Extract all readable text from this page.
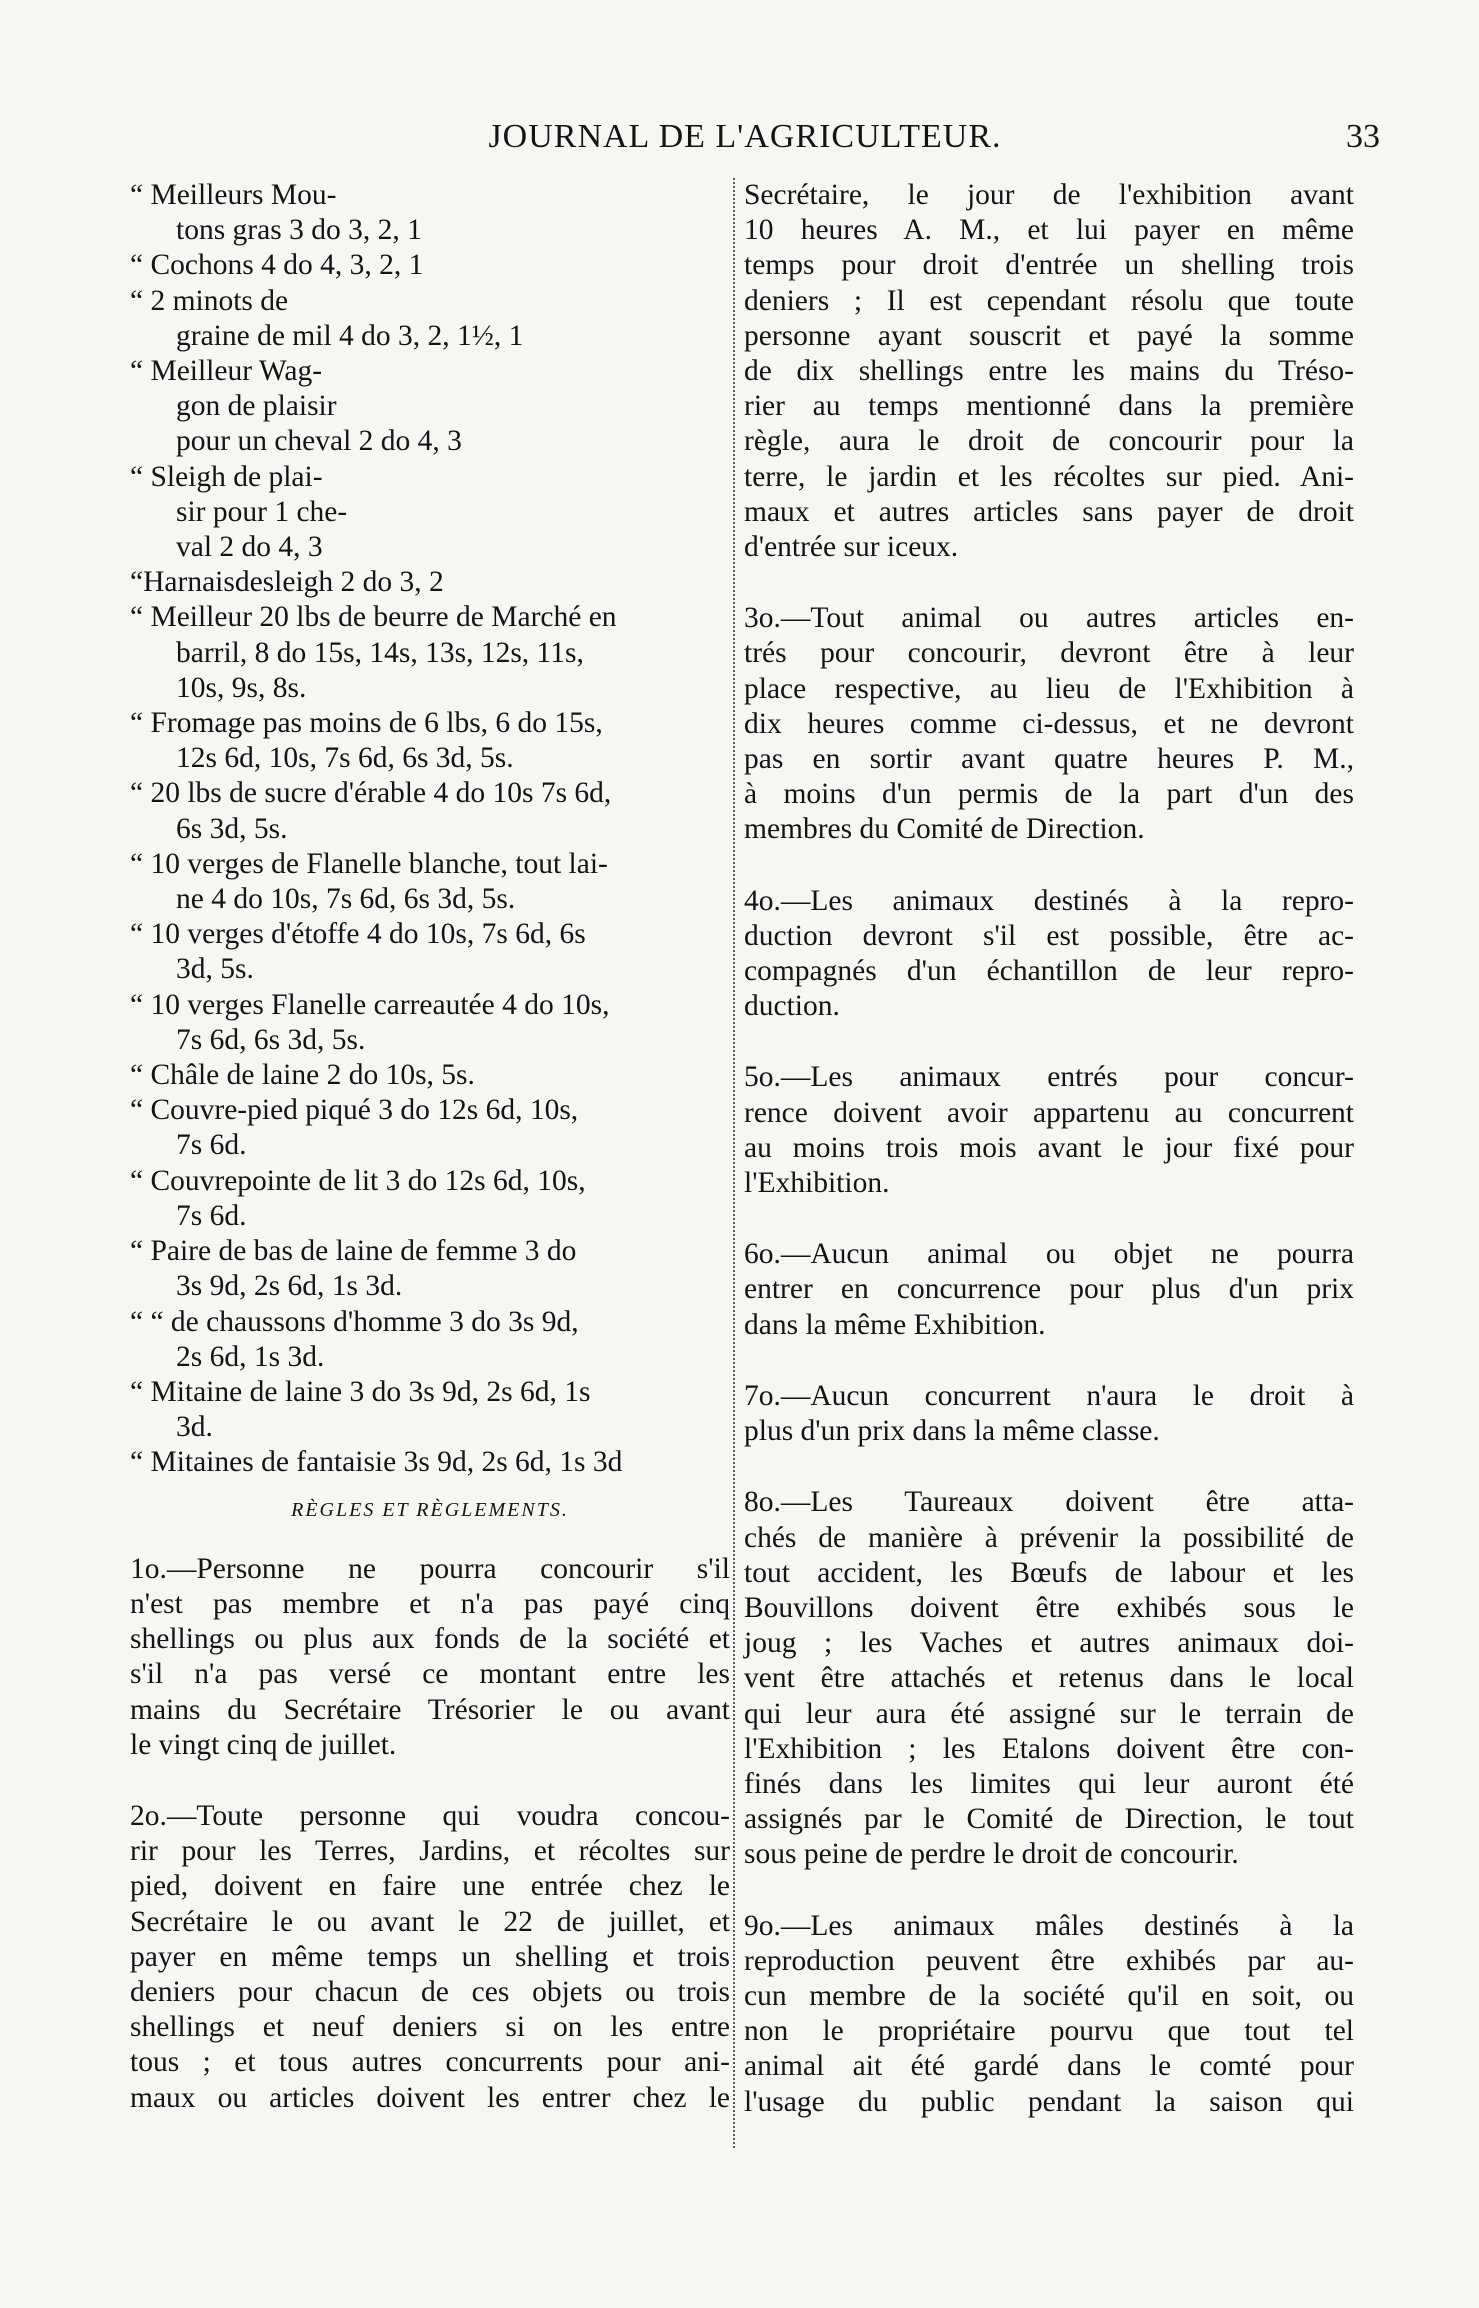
JOURNAL DE L'AGRICULTEUR.	33
“ Meilleurs Mou-
tons gras 3 do 3, 2, 1
“ Cochons 4 do 4, 3, 2, 1
“ 2 minots de
graine de mil 4 do 3, 2, 1½, 1
“ Meilleur Wag-
gon de plaisir
pour un cheval 2 do 4, 3
“ Sleigh de plai-
sir pour 1 che-
val 2 do 4, 3
“Harnaisdesleigh 2 do 3, 2
“ Meilleur 20 lbs de beurre de Marché en
barril, 8 do 15s, 14s, 13s, 12s, 11s,
10s, 9s, 8s.
“ Fromage pas moins de 6 lbs, 6 do 15s,
12s 6d, 10s, 7s 6d, 6s 3d, 5s.
“ 20 lbs de sucre d'érable 4 do 10s 7s 6d,
6s 3d, 5s.
“ 10 verges de Flanelle blanche, tout lai-
ne 4 do 10s, 7s 6d, 6s 3d, 5s.
“ 10 verges d'étoffe 4 do 10s, 7s 6d, 6s
3d, 5s.
“ 10 verges Flanelle carreautée 4 do 10s,
7s 6d, 6s 3d, 5s.
“ Châle de laine 2 do 10s, 5s.
“ Couvre-pied piqué 3 do 12s 6d, 10s,
7s 6d.
“ Couvrepointe de lit 3 do 12s 6d, 10s,
7s 6d.
“ Paire de bas de laine de femme 3 do
3s 9d, 2s 6d, 1s 3d.
“ “ de chaussons d'homme 3 do 3s 9d,
2s 6d, 1s 3d.
“ Mitaine de laine 3 do 3s 9d, 2s 6d, 1s
3d.
“ Mitaines de fantaisie 3s 9d, 2s 6d, 1s 3d
RÈGLES ET RÈGLEMENTS.
1o.—Personne ne pourra concourir s'il
n'est pas membre et n'a pas payé cinq
shellings ou plus aux fonds de la société et
s'il n'a pas versé ce montant entre les
mains du Secrétaire Trésorier le ou avant
le vingt cinq de juillet.
2o.—Toute personne qui voudra concou-
rir pour les Terres, Jardins, et récoltes sur
pied, doivent en faire une entrée chez le
Secrétaire le ou avant le 22 de juillet, et
payer en même temps un shelling et trois
deniers pour chacun de ces objets ou trois
shellings et neuf deniers si on les entre
tous ; et tous autres concurrents pour ani-
maux ou articles doivent les entrer chez le
Secrétaire, le jour de l'exhibition avant
10 heures A. M., et lui payer en même
temps pour droit d'entrée un shelling trois
deniers ; Il est cependant résolu que toute
personne ayant souscrit et payé la somme
de dix shellings entre les mains du Tréso-
rier au temps mentionné dans la première
règle, aura le droit de concourir pour la
terre, le jardin et les récoltes sur pied. Ani-
maux et autres articles sans payer de droit
d'entrée sur iceux.
3o.—Tout animal ou autres articles en-
trés pour concourir, devront être à leur
place respective, au lieu de l'Exhibition à
dix heures comme ci-dessus, et ne devront
pas en sortir avant quatre heures P. M.,
à moins d'un permis de la part d'un des
membres du Comité de Direction.
4o.—Les animaux destinés à la repro-
duction devront s'il est possible, être ac-
compagnés d'un échantillon de leur repro-
duction.
5o.—Les animaux entrés pour concur-
rence doivent avoir appartenu au concurrent
au moins trois mois avant le jour fixé pour
l'Exhibition.
6o.—Aucun animal ou objet ne pourra
entrer en concurrence pour plus d'un prix
dans la même Exhibition.
7o.—Aucun concurrent n'aura le droit à
plus d'un prix dans la même classe.
8o.—Les Taureaux doivent être atta-
chés de manière à prévenir la possibilité de
tout accident, les Bœufs de labour et les
Bouvillons doivent être exhibés sous le
joug ; les Vaches et autres animaux doi-
vent être attachés et retenus dans le local
qui leur aura été assigné sur le terrain de
l'Exhibition ; les Etalons doivent être con-
finés dans les limites qui leur auront été
assignés par le Comité de Direction, le tout
sous peine de perdre le droit de concourir.
9o.—Les animaux mâles destinés à la
reproduction peuvent être exhibés par au-
cun membre de la société qu'il en soit, ou
non le propriétaire pourvu que tout tel
animal ait été gardé dans le comté pour
l'usage du public pendant la saison qui
